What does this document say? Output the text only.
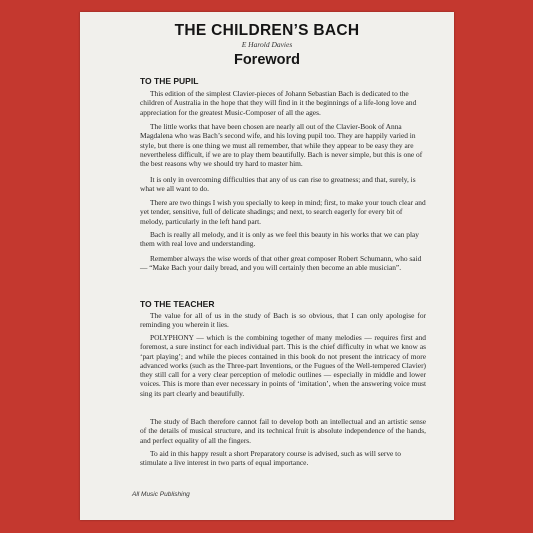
THE CHILDREN’S BACH
E Harold Davies
Foreword
TO THE PUPIL

This edition of the simplest Clavier-pieces of Johann Sebastian Bach is dedicated to the children of Australia in the hope that they will find in it the beginnings of a life-long love and appreciation for the greatest Music-Composer of all the ages.

The little works that have been chosen are nearly all out of the Clavier-Book of Anna Magdalena who was Bach’s second wife, and his loving pupil too. They are happily varied in style, but there is one thing we must all remember, that while they appear to be easy they are nevertheless difficult, if we are to play them beautifully. Bach is never simple, but this is one of the best reasons why we should try hard to master him.

It is only in overcoming difficulties that any of us can rise to greatness; and that, surely, is what we all want to do.

There are two things I wish you specially to keep in mind; first, to make your touch clear and yet tender, sensitive, full of delicate shadings; and next, to search eagerly for every bit of melody, particularly in the left hand part.

Bach is really all melody, and it is only as we feel this beauty in his works that we can play them with real love and understanding.

Remember always the wise words of that other great composer Robert Schumann, who said — “Make Bach your daily bread, and you will certainly then become an able musician”.

TO THE TEACHER

The value for all of us in the study of Bach is so obvious, that I can only apologise for reminding you wherein it lies.

POLYPHONY — which is the combining together of many melodies — requires first and foremost, a sure instinct for each individual part. This is the chief difficulty in what we know as ‘part playing’; and while the pieces contained in this book do not present the intricacy of more advanced works (such as the Three-part Inventions, or the Fugues of the Well-tempered Clavier) they still call for a very clear perception of melodic outlines — especially in middle and lower voices. This is more than ever necessary in points of ‘imitation’, when the answering voice must sing its part clearly and beautifully.

The study of Bach therefore cannot fail to develop both an intellectual and an artistic sense of the details of musical structure, and its technical fruit is absolute independence of the hands, and perfect equality of all the fingers.

To aid in this happy result a short Preparatory course is advised, such as will serve to stimulate a live interest in two parts of equal importance.

All Music Publishing
